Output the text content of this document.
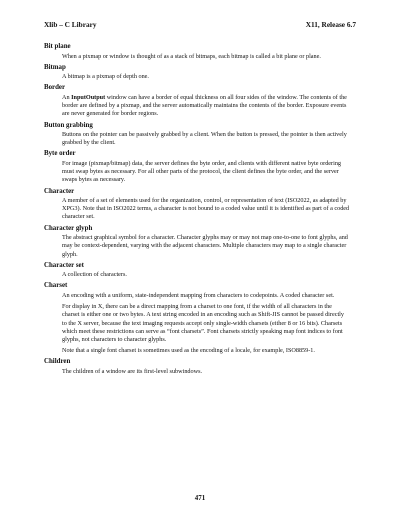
Xlib – C Library	X11, Release 6.7
Bit plane

When a pixmap or window is thought of as a stack of bitmaps, each bitmap is called a bit plane or plane.

Bitmap

A bitmap is a pixmap of depth one.

Border

An InputOutput window can have a border of equal thickness on all four sides of the window. The contents of the border are defined by a pixmap, and the server automatically maintains the contents of the border. Exposure events are never generated for border regions.

Button grabbing

Buttons on the pointer can be passively grabbed by a client. When the button is pressed, the pointer is then actively grabbed by the client.

Byte order

For image (pixmap/bitmap) data, the server defines the byte order, and clients with different native byte ordering must swap bytes as necessary. For all other parts of the protocol, the client defines the byte order, and the server swaps bytes as necessary.

Character

A member of a set of elements used for the organization, control, or representation of text (ISO2022, as adapted by XPG3). Note that in ISO2022 terms, a character is not bound to a coded value until it is identified as part of a coded character set.

Character glyph

The abstract graphical symbol for a character. Character glyphs may or may not map one-to-one to font glyphs, and may be context-dependent, varying with the adjacent characters. Multiple characters may map to a single character glyph.

Character set

A collection of characters.

Charset

An encoding with a uniform, state-independent mapping from characters to codepoints. A coded character set.

For display in X, there can be a direct mapping from a charset to one font, if the width of all characters in the charset is either one or two bytes. A text string encoded in an encoding such as Shift-JIS cannot be passed directly to the X server, because the text imaging requests accept only single-width charsets (either 8 or 16 bits). Charsets which meet these restrictions can serve as “font charsets”. Font charsets strictly speaking map font indices to font glyphs, not characters to character glyphs.

Note that a single font charset is sometimes used as the encoding of a locale, for example, ISO8859-1.

Children

The children of a window are its first-level subwindows.

471
